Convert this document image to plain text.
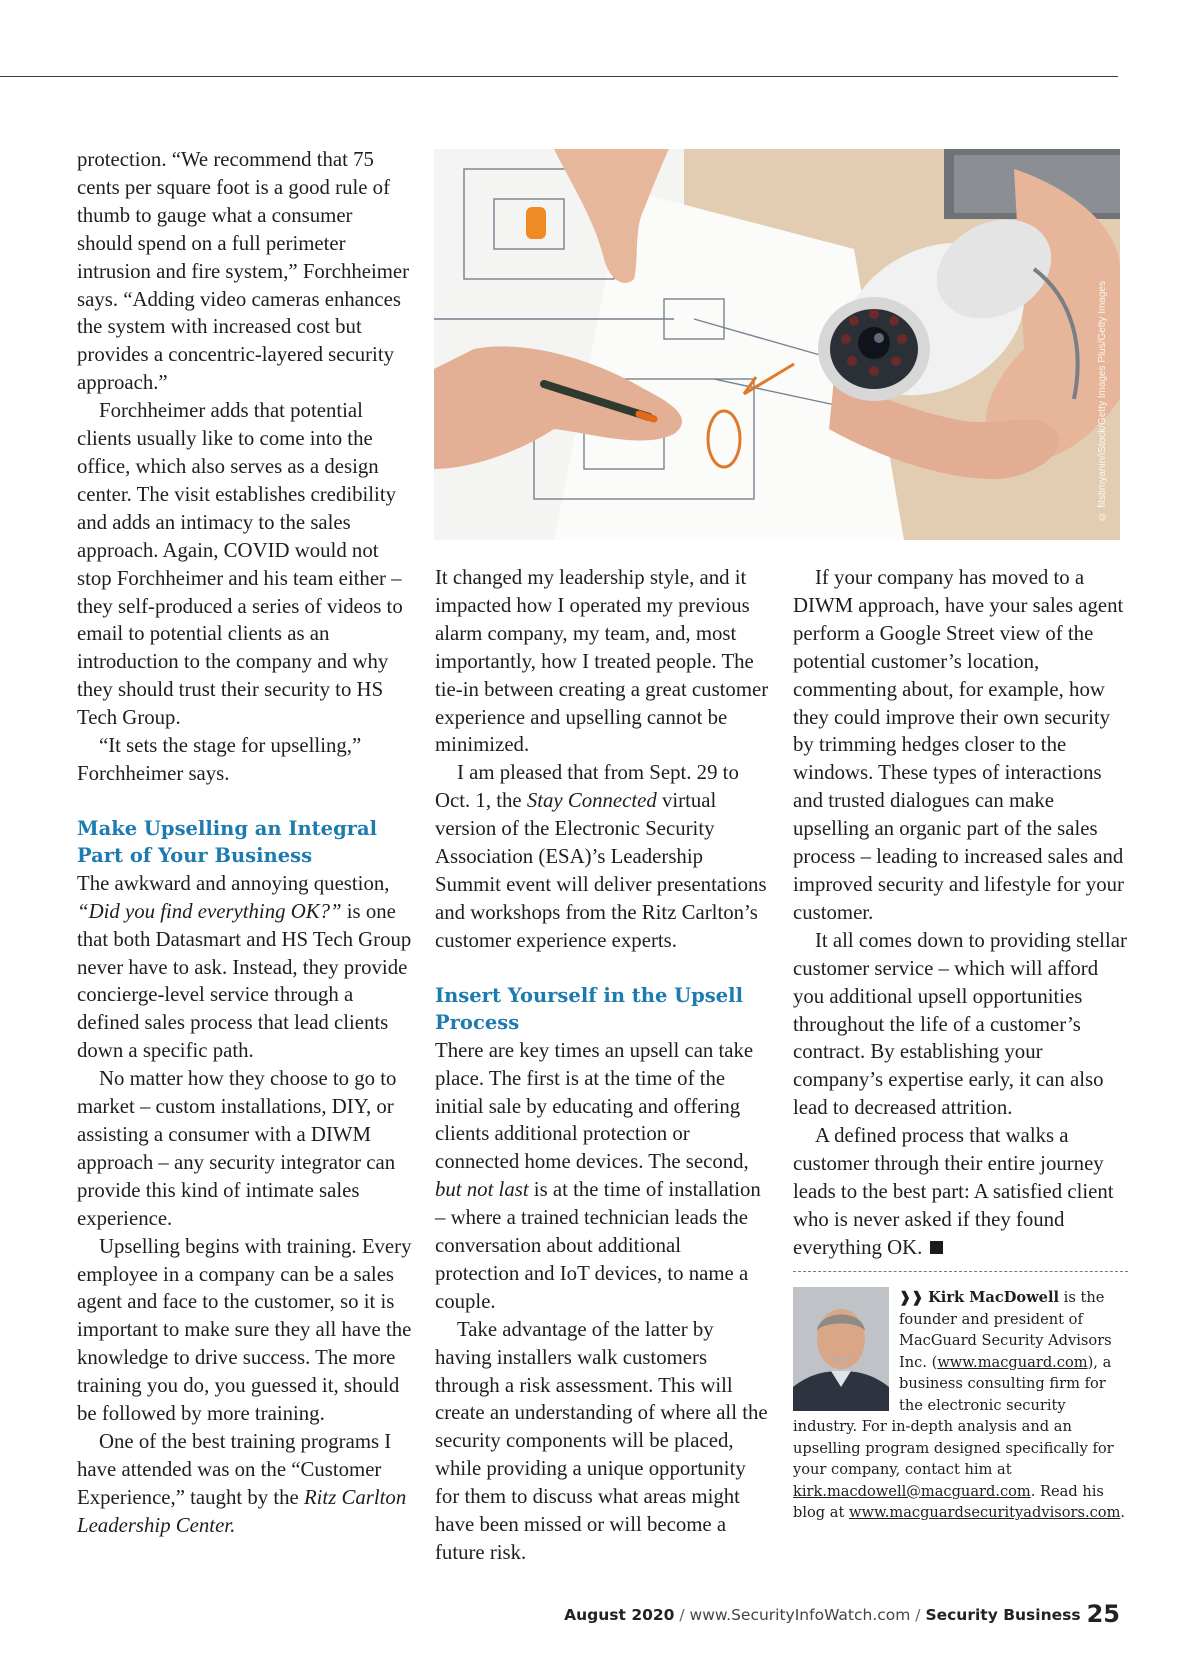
protection. “We recommend that 75 cents per square foot is a good rule of thumb to gauge what a consumer should spend on a full perimeter intrusion and fire system,” Forchheimer says. “Adding video cameras enhances the system with increased cost but provides a concentric-layered security approach.”

Forchheimer adds that potential clients usually like to come into the office, which also serves as a design center. The visit establishes credibility and adds an intimacy to the sales approach. Again, COVID would not stop Forchheimer and his team either – they self-produced a series of videos to email to potential clients as an introduction to the company and why they should trust their security to HS Tech Group.

“It sets the stage for upselling,” Forchheimer says.

Make Upselling an Integral Part of Your Business

The awkward and annoying question, “Did you find everything OK?” is one that both Datasmart and HS Tech Group never have to ask. Instead, they provide concierge-level service through a defined sales process that lead clients down a specific path.

No matter how they choose to go to market – custom installations, DIY, or assisting a consumer with a DIWM approach – any security integrator can provide this kind of intimate sales experience.

Upselling begins with training. Every employee in a company can be a sales agent and face to the customer, so it is important to make sure they all have the knowledge to drive success. The more training you do, you guessed it, should be followed by more training.

One of the best training programs I have attended was on the “Customer Experience,” taught by the Ritz Carlton Leadership Center.

© fitstimyanin/iStock/Getty Images Plus/Getty Images

It changed my leadership style, and it impacted how I operated my previous alarm company, my team, and, most importantly, how I treated people. The tie-in between creating a great customer experience and upselling cannot be minimized.

I am pleased that from Sept. 29 to Oct. 1, the Stay Connected virtual version of the Electronic Security Association (ESA)’s Leadership Summit event will deliver presentations and workshops from the Ritz Carlton’s customer experience experts.

Insert Yourself in the Upsell Process

There are key times an upsell can take place. The first is at the time of the initial sale by educating and offering clients additional protection or connected home devices. The second, but not last is at the time of installation – where a trained technician leads the conversation about additional protection and IoT devices, to name a couple.

Take advantage of the latter by having installers walk customers through a risk assessment. This will create an understanding of where all the security components will be placed, while providing a unique opportunity for them to discuss what areas might have been missed or will become a future risk.

If your company has moved to a DIWM approach, have your sales agent perform a Google Street view of the potential customer’s location, commenting about, for example, how they could improve their own security by trimming hedges closer to the windows. These types of interactions and trusted dialogues can make upselling an organic part of the sales process – leading to increased sales and improved security and lifestyle for your customer.

It all comes down to providing stellar customer service – which will afford you additional upsell opportunities throughout the life of a customer’s contract. By establishing your company’s expertise early, it can also lead to decreased attrition.

A defined process that walks a customer through their entire journey leads to the best part: A satisfied client who is never asked if they found everything OK.

❱❱ Kirk MacDowell is the founder and president of MacGuard Security Advisors Inc. (www.macguard.com), a business consulting firm for the electronic security industry. For in-depth analysis and an upselling program designed specifically for your company, contact him at kirk.macdowell@macguard.com. Read his blog at www.macguardsecurityadvisors.com.
August 2020 / www.SecurityInfoWatch.com / Security Business 25
